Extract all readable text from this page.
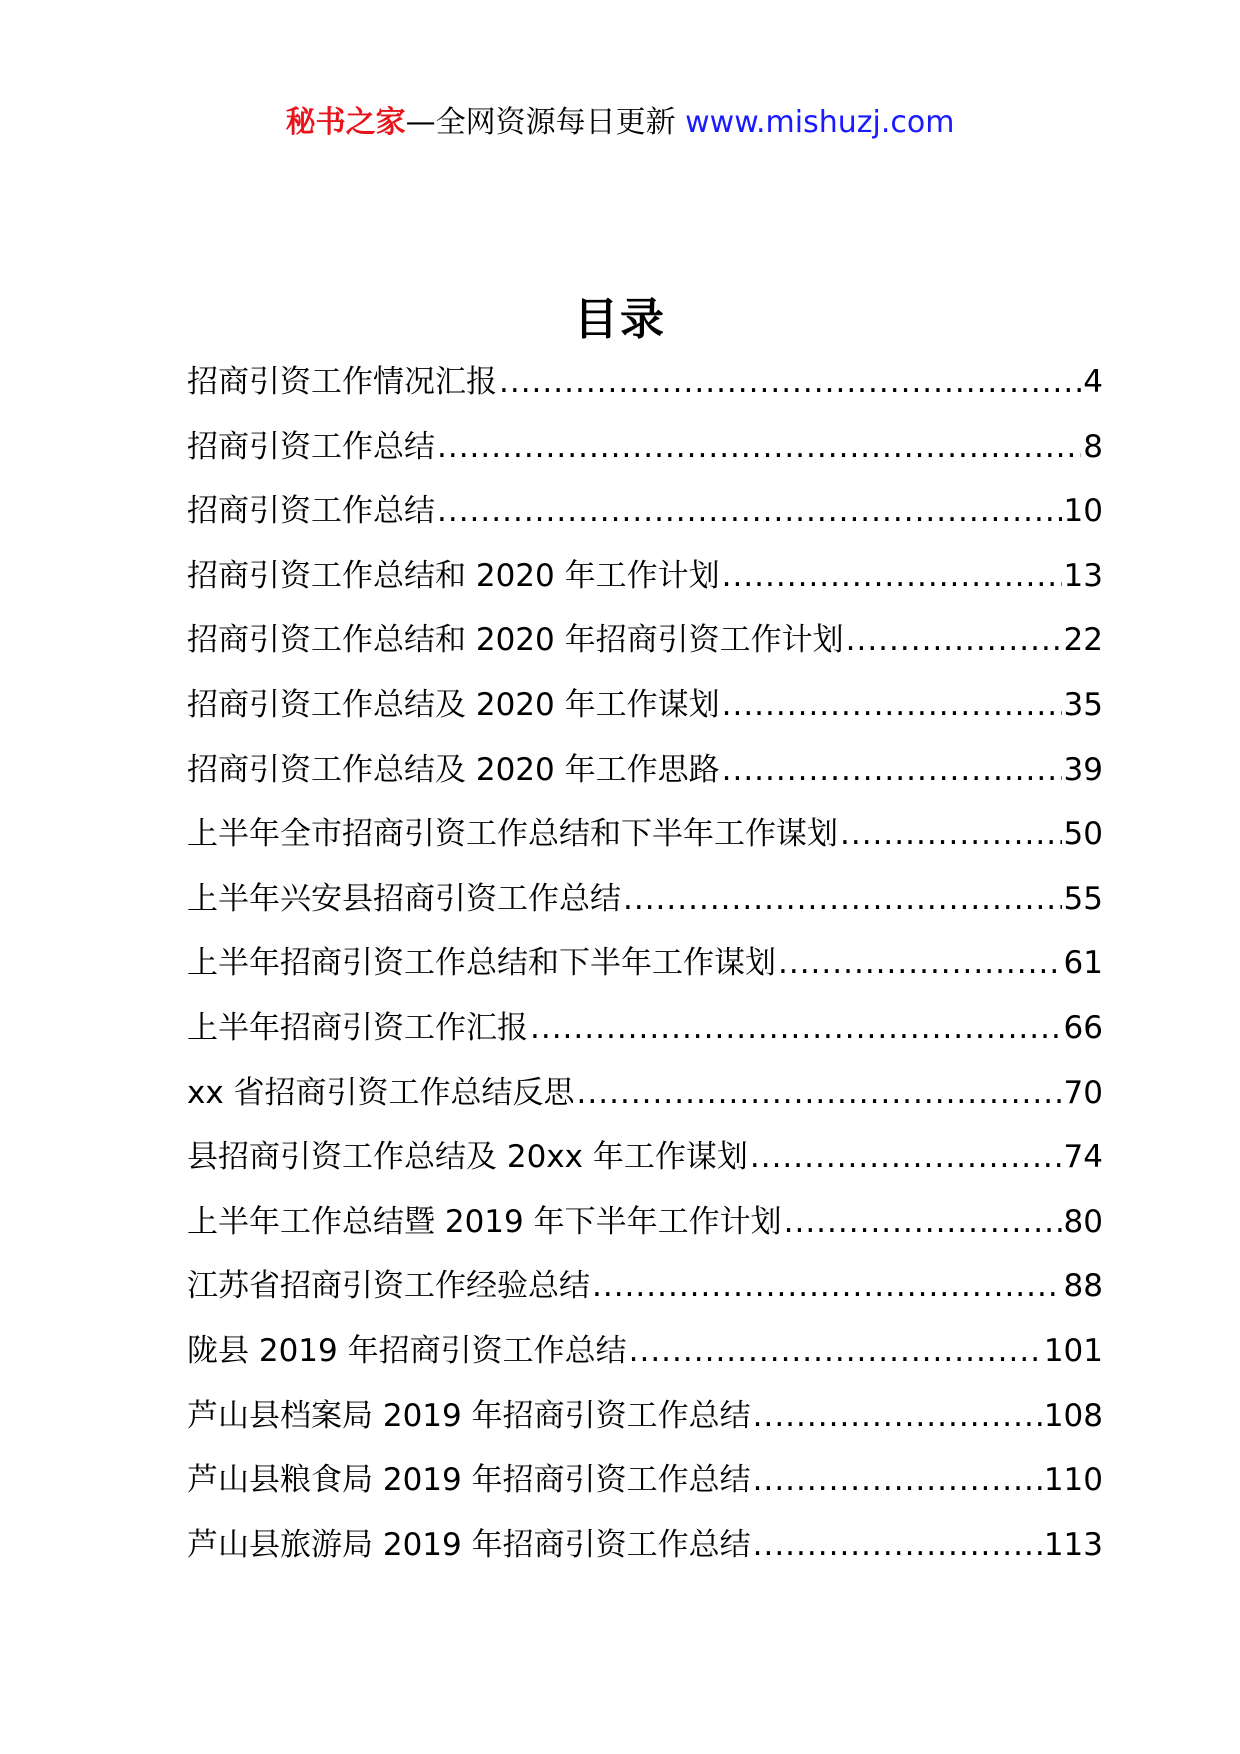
秘书之家—全网资源每日更新 www.mishuzj.com
目录
招商引资工作情况汇报 .....	4
招商引资工作总结 .....	8
招商引资工作总结 .....	10
招商引资工作总结和 2020 年工作计划 .....	13
招商引资工作总结和 2020 年招商引资工作计划 .....	22
招商引资工作总结及 2020 年工作谋划 .....	35
招商引资工作总结及 2020 年工作思路 .....	39
上半年全市招商引资工作总结和下半年工作谋划 .....	50
上半年兴安县招商引资工作总结 .....	55
上半年招商引资工作总结和下半年工作谋划 .....	61
上半年招商引资工作汇报 .....	66
xx 省招商引资工作总结反思 .....	70
县招商引资工作总结及 20xx 年工作谋划 .....	74
上半年工作总结暨 2019 年下半年工作计划 .....	80
江苏省招商引资工作经验总结 .....	88
陇县 2019 年招商引资工作总结 .....	101
芦山县档案局 2019 年招商引资工作总结 .....	108
芦山县粮食局 2019 年招商引资工作总结 .....	110
芦山县旅游局 2019 年招商引资工作总结 .....	113
